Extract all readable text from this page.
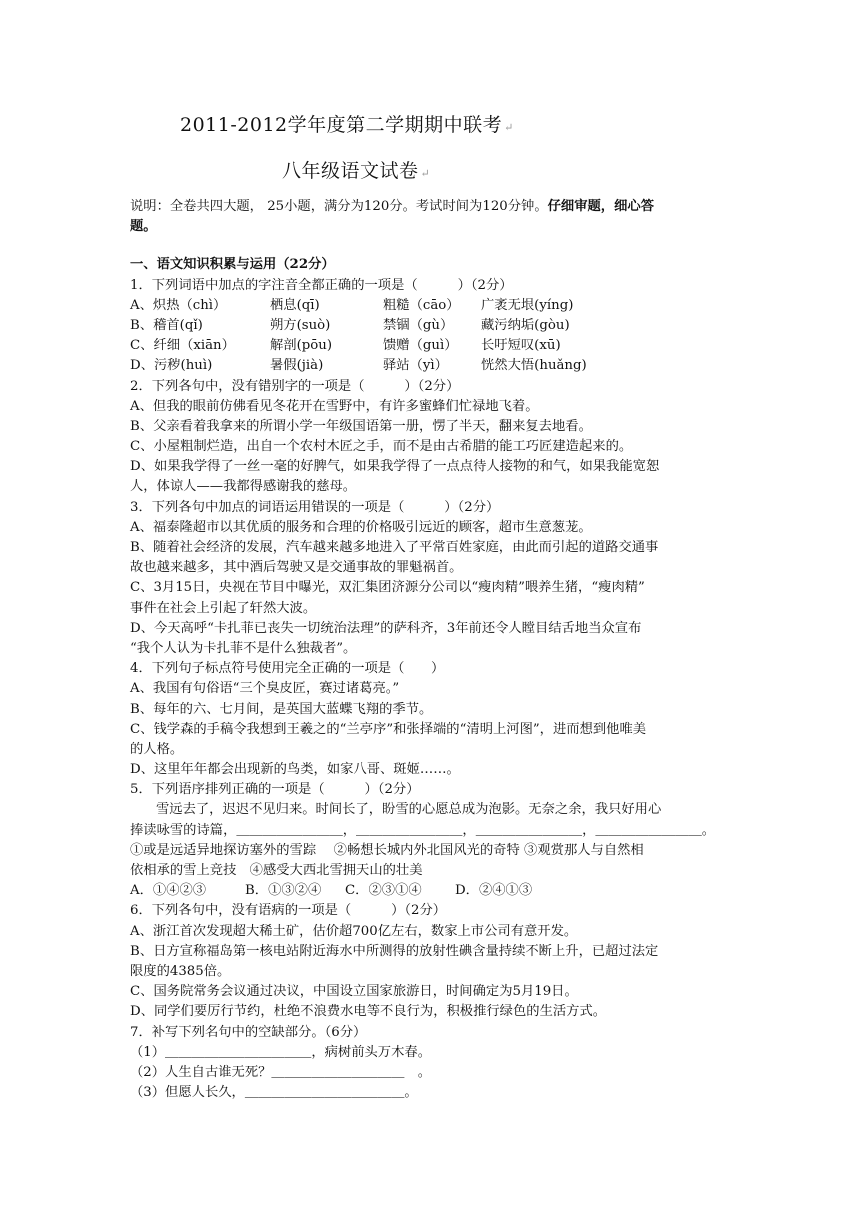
2011-2012学年度第二学期期中联考 ↵
八年级语文试卷 ↵
说明：全卷共四大题， 25小题，满分为120分。考试时间为120分钟。仔细审题，细心答
题。
一、语文知识积累与运用（22分）
1．下列词语中加点的字注音全都正确的一项是（　　　）（2分）
A、炽热（chì）	栖息(qī)	粗糙（cāo） 广袤无垠(yíng)
B、稽首(qǐ)	朔方(suò)	禁锢（gù） 藏污纳垢(gòu)
C、纤细（xiān）	解剖(pōu)	馈赠（guì） 长吁短叹(xū)
D、污秽(huì)	暑假(jià)	驿站（yì） 恍然大悟(huǎng)
2．下列各句中，没有错别字的一项是（　　　）（2分）
A、但我的眼前仿佛看见冬花开在雪野中，有许多蜜蜂们忙禄地飞着。
B、父亲看着我拿来的所谓小学一年级国语第一册，愣了半天，翻来复去地看。
C、小屋粗制烂造，出自一个农村木匠之手，而不是由古希腊的能工巧匠建造起来的。
D、如果我学得了一丝一毫的好脾气，如果我学得了一点点待人接物的和气，如果我能宽恕
人，体谅人——我都得感谢我的慈母。
3．下列各句中加点的词语运用错误的一项是（　　　）（2分）
A、福泰隆超市以其优质的服务和合理的价格吸引远近的顾客，超市生意葱茏。
B、随着社会经济的发展，汽车越来越多地进入了平常百姓家庭，由此而引起的道路交通事
故也越来越多，其中酒后驾驶又是交通事故的罪魁祸首。
C、3月15日，央视在节目中曝光，双汇集团济源分公司以“瘦肉精”喂养生猪，“瘦肉精”
事件在社会上引起了轩然大波。
D、今天高呼“卡扎菲已丧失一切统治法理”的萨科齐，3年前还令人瞠目结舌地当众宣布
“我个人认为卡扎菲不是什么独裁者”。
4．下列句子标点符号使用完全正确的一项是（　　）
A、我国有句俗语“三个臭皮匠，赛过诸葛亮。”
B、每年的六、七月间，是英国大蓝蝶飞翔的季节。
C、钱学森的手稿令我想到王羲之的“兰亭序”和张择端的“清明上河图”，进而想到他唯美
的人格。
D、这里年年都会出现新的鸟类，如家八哥、斑姬……。
5．下列语序排列正确的一项是（　　　）（2分）
雪远去了，迟迟不见归来。时间长了，盼雪的心愿总成为泡影。无奈之余，我只好用心
捧读咏雪的诗篇，＿＿＿＿＿＿＿＿，＿＿＿＿＿＿＿＿，＿＿＿＿＿＿＿＿，＿＿＿＿＿＿＿＿。
①或是远适异地探访塞外的雪踪　 ②畅想长城内外北国风光的奇特 ③观赏那人与自然相
依相承的雪上竞技　④感受大西北雪拥天山的壮美
A．①④②③	B．①③②④ C．②③①④	D．②④①③
6．下列各句中，没有语病的一项是（　　　）（2分）
A、浙江首次发现超大稀土矿，估价超700亿左右，数家上市公司有意开发。
B、日方宣称福岛第一核电站附近海水中所测得的放射性碘含量持续不断上升，已超过法定
限度的4385倍。
C、国务院常务会议通过决议，中国设立国家旅游日，时间确定为5月19日。
D、同学们要厉行节约，杜绝不浪费水电等不良行为，积极推行绿色的生活方式。
7．补写下列名句中的空缺部分。（6分）
（1）＿＿＿＿＿＿＿＿＿＿＿，病树前头万木春。
（2）人生自古谁无死？＿＿＿＿＿＿＿＿＿＿　。
（3）但愿人长久，＿＿＿＿＿＿＿＿＿＿＿＿。
